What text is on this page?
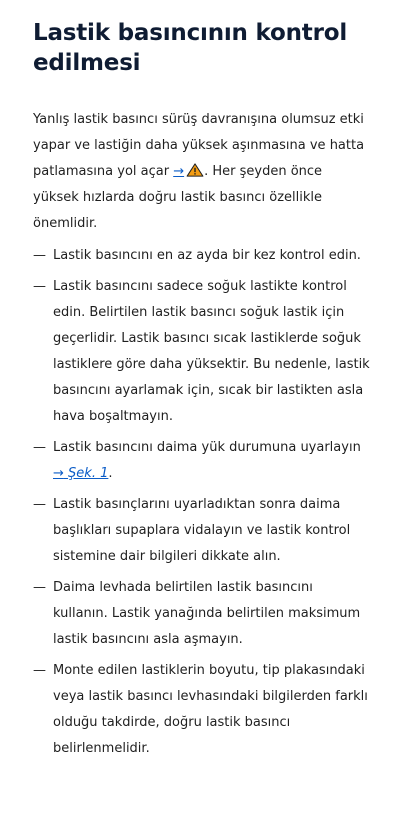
Lastik basıncının kontrol edilmesi

Yanlış lastik basıncı sürüş davranışına olumsuz etki yapar ve lastiğin daha yüksek aşınmasına ve hatta patlamasına yol açar → . Her şeyden önce yüksek hızlarda doğru lastik basıncı özellikle önemlidir.

— Lastik basıncını en az ayda bir kez kontrol edin.
— Lastik basıncını sadece soğuk lastikte kontrol edin. Belirtilen lastik basıncı soğuk lastik için geçerlidir. Lastik basıncı sıcak lastiklerde soğuk lastiklere göre daha yüksektir. Bu nedenle, lastik basıncını ayarlamak için, sıcak bir lastikten asla hava boşaltmayın.
— Lastik basıncını daima yük durumuna uyarlayın → Şek. 1.
— Lastik basınçlarını uyarladıktan sonra daima başlıkları supaplara vidalayın ve lastik kontrol sistemine dair bilgileri dikkate alın.
— Daima levhada belirtilen lastik basıncını kullanın. Lastik yanağında belirtilen maksimum lastik basıncını asla aşmayın.
— Monte edilen lastiklerin boyutu, tip plakasındaki veya lastik basıncı levhasındaki bilgilerden farklı olduğu takdirde, doğru lastik basıncı belirlenmelidir.
